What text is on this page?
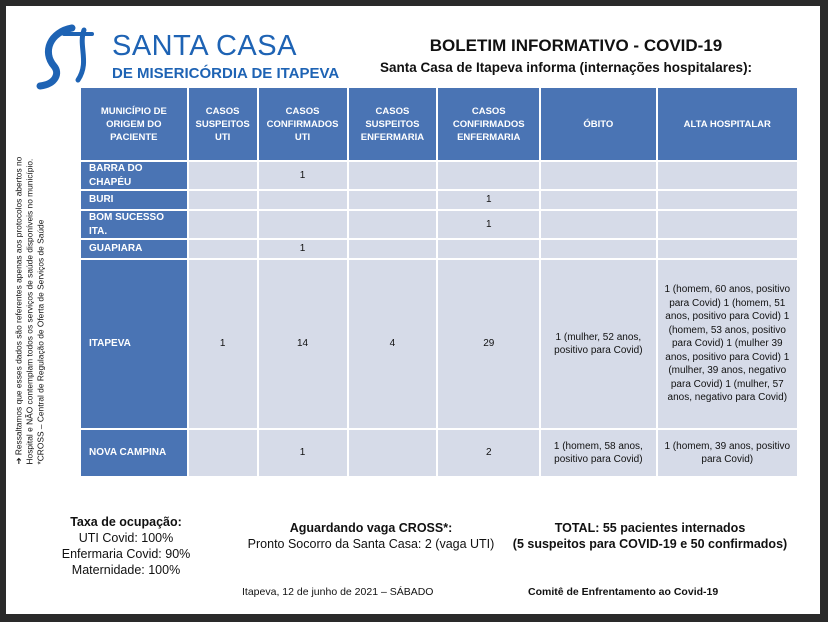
SANTA CASA
DE MISERICÓRDIA DE ITAPEVA
BOLETIM INFORMATIVO - COVID-19
Santa Casa de Itapeva informa (internações hospitalares):
➔ Ressaltamos que esses dados são referentes apenas aos protocolos abertos no Hospital e NÃO contemplam todos os serviços de saúde disponíveis no município. *CROSS – Central de Regulação de Oferta de Serviços de Saúde
MUNICÍPIO DE ORIGEM DO PACIENTE	CASOS SUSPEITOS UTI	CASOS CONFIRMADOS UTI	CASOS SUSPEITOS ENFERMARIA	CASOS CONFIRMADOS ENFERMARIA	ÓBITO	ALTA HOSPITALAR
BARRA DO CHAPÉU		1				
BURI				1		
BOM SUCESSO ITA.				1		
GUAPIARA		1				
ITAPEVA	1	14	4	29	1 (mulher, 52 anos, positivo para Covid)	1 (homem, 60 anos, positivo para Covid) 1 (homem, 51 anos, positivo para Covid) 1 (homem, 53 anos, positivo para Covid) 1 (mulher 39 anos, positivo para Covid) 1 (mulher, 39 anos, negativo para Covid) 1 (mulher, 57 anos, negativo para Covid)
NOVA CAMPINA		1		2	1 (homem, 58 anos, positivo para Covid)	1 (homem, 39 anos, positivo para Covid)
Taxa de ocupação:
UTI Covid: 100%
Enfermaria Covid: 90%
Maternidade: 100%
Aguardando vaga CROSS*:
Pronto Socorro da Santa Casa: 2 (vaga UTI)
TOTAL: 55 pacientes internados
(5 suspeitos para COVID-19 e 50 confirmados)
Itapeva, 12 de junho de 2021 – SÁBADO	Comitê de Enfrentamento ao Covid-19
